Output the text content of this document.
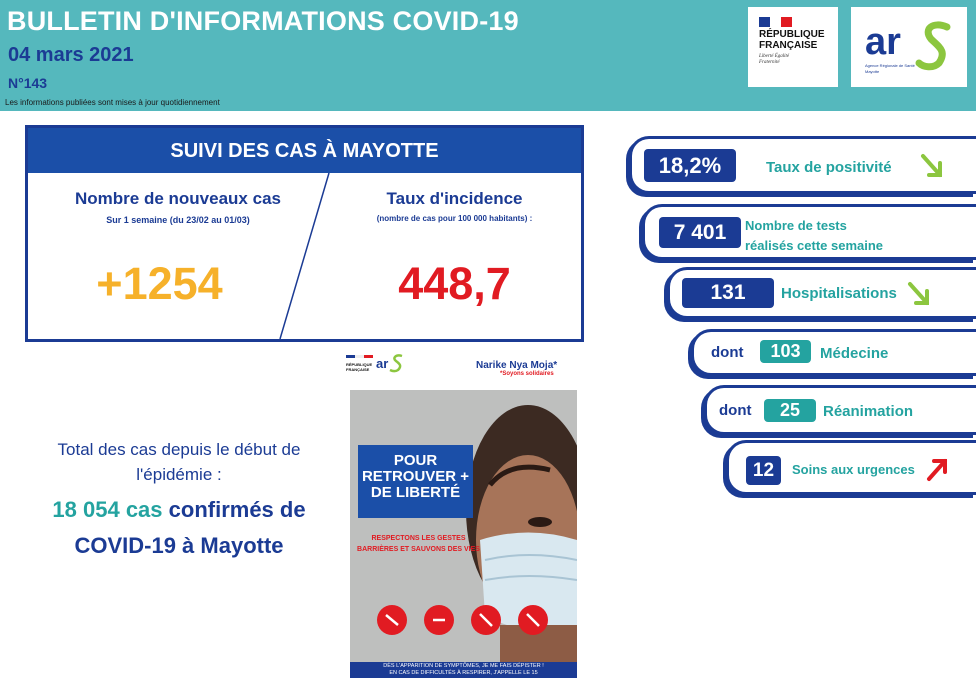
BULLETIN D'INFORMATIONS COVID-19
04 mars 2021
N°143
Les informations publiées sont mises à jour quotidiennement
RÉPUBLIQUE
FRANÇAISE
Liberté Égalité Fraternité	ar
Agence Régionale de Santé
Mayotte
SUIVI DES CAS À MAYOTTE
Nombre de nouveaux cas
Sur 1 semaine (du 23/02 au 01/03)
+1254
Taux d'incidence
(nombre de cas pour 100 000 habitants) :
448,7
Total des cas depuis le début de l'épidémie :
18 054 cas confirmés de COVID-19 à Mayotte
RÉPUBLIQUE
FRANÇAISE ar	Narike Nya Moja*
*Soyons solidaires
POUR RETROUVER + DE LIBERTÉ
RESPECTONS LES GESTES BARRIÈRES ET SAUVONS DES VIES
DÈS L'APPARITION DE SYMPTÔMES, JE ME FAIS DÉPISTER !
EN CAS DE DIFFICULTÉS À RESPIRER, J'APPELLE LE 15
18,2%	Taux de positivité
7 401	Nombre de tests
réalisés cette semaine
131	Hospitalisations
dont	103	Médecine
dont	25	Réanimation
12	Soins aux urgences
